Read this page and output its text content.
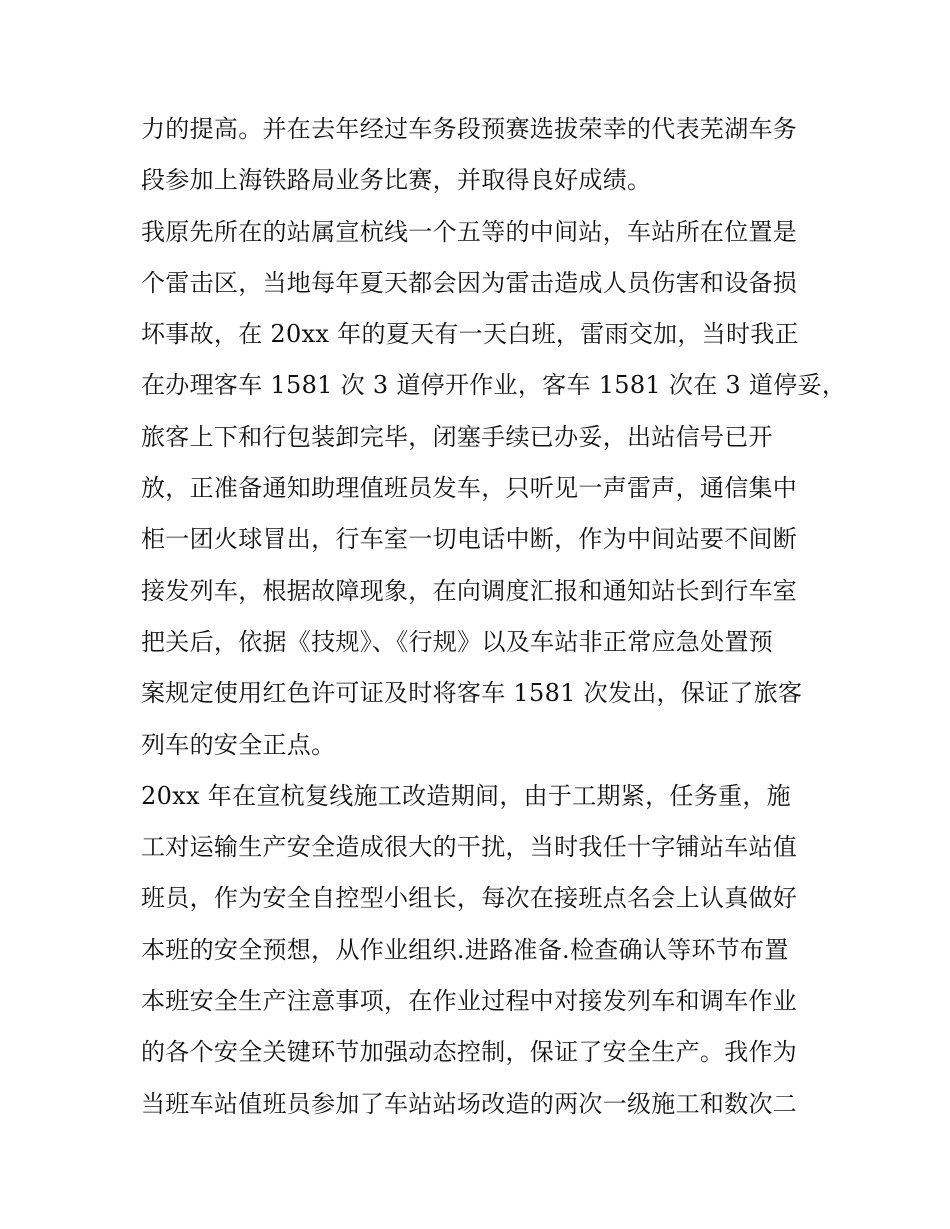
力的提高。并在去年经过车务段预赛选拔荣幸的代表芜湖车务
段参加上海铁路局业务比赛，并取得良好成绩。
我原先所在的站属宣杭线一个五等的中间站，车站所在位置是
个雷击区，当地每年夏天都会因为雷击造成人员伤害和设备损
坏事故，在 20xx 年的夏天有一天白班，雷雨交加，当时我正
在办理客车 1581 次 3 道停开作业，客车 1581 次在 3 道停妥，
旅客上下和行包装卸完毕，闭塞手续已办妥，出站信号已开
放，正准备通知助理值班员发车，只听见一声雷声，通信集中
柜一团火球冒出，行车室一切电话中断，作为中间站要不间断
接发列车，根据故障现象，在向调度汇报和通知站长到行车室
把关后，依据《技规》、《行规》以及车站非正常应急处置预
案规定使用红色许可证及时将客车 1581 次发出，保证了旅客
列车的安全正点。
20xx 年在宣杭复线施工改造期间，由于工期紧，任务重，施
工对运输生产安全造成很大的干扰，当时我任十字铺站车站值
班员，作为安全自控型小组长，每次在接班点名会上认真做好
本班的安全预想，从作业组织.进路准备.检查确认等环节布置
本班安全生产注意事项，在作业过程中对接发列车和调车作业
的各个安全关键环节加强动态控制，保证了安全生产。我作为
当班车站值班员参加了车站站场改造的两次一级施工和数次二
